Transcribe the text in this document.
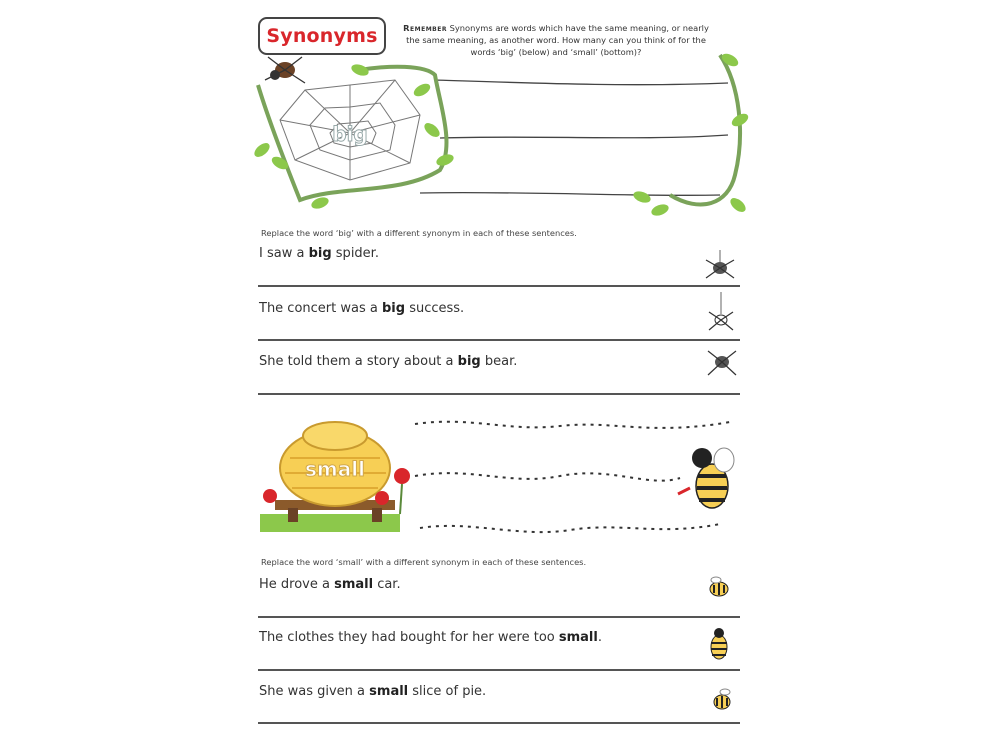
Synonyms	Remember Synonyms are words which have the same meaning, or nearly the same meaning, as another word. How many can you think of for the words ‘big’ (below) and ‘small’ (bottom)?
big
Replace the word ‘big’ with a different synonym in each of these sentences.
I saw a big spider.
The concert was a big success.
She told them a story about a big bear.
small
Replace the word ‘small’ with a different synonym in each of these sentences.
He drove a small car.
The clothes they had bought for her were too small.
She was given a small slice of pie.
